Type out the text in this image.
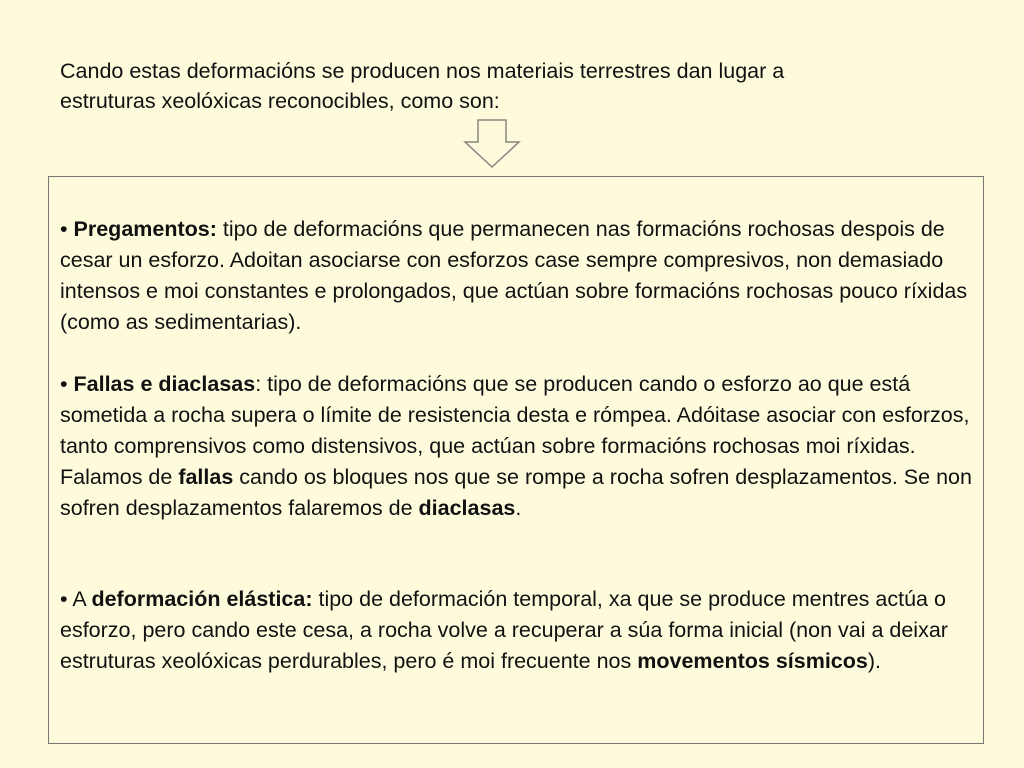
Cando estas deformacións se producen nos materiais terrestres dan lugar a
estruturas xeolóxicas reconocibles, como son:

• Pregamentos: tipo de deformacións que permanecen nas formacións rochosas despois de cesar un esforzo. Adoitan asociarse con esforzos case sempre compresivos, non demasiado intensos e moi constantes e prolongados, que actúan sobre formacións rochosas pouco ríxidas (como as sedimentarias).

• Fallas e diaclasas: tipo de deformacións que se producen cando o esforzo ao que está sometida a rocha supera o límite de resistencia desta e rómpea. Adóitase asociar con esforzos, tanto comprensivos como distensivos, que actúan sobre formacións rochosas moi ríxidas. Falamos de fallas cando os bloques nos que se rompe a rocha sofren desplazamentos. Se non sofren desplazamentos falaremos de diaclasas.

• A deformación elástica: tipo de deformación temporal, xa que se produce mentres actúa o esforzo, pero cando este cesa, a rocha volve a recuperar a súa forma inicial (non vai a deixar estruturas xeolóxicas perdurables, pero é moi frecuente nos movementos sísmicos).
